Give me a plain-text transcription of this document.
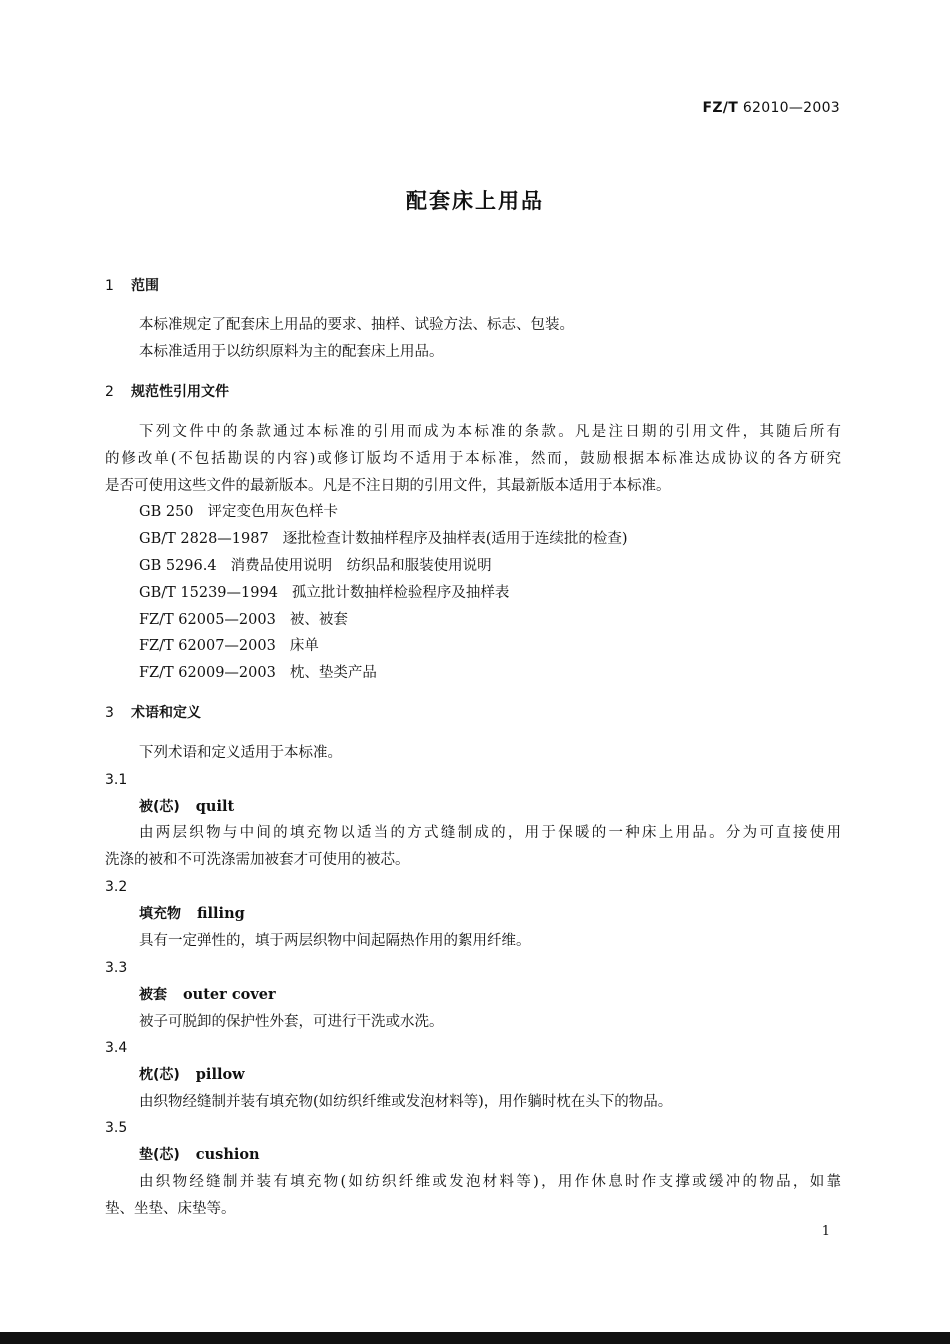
FZ/T 62010—2003
配套床上用品
1 范围
本标准规定了配套床上用品的要求、抽样、试验方法、标志、包装。
本标准适用于以纺织原料为主的配套床上用品。
2 规范性引用文件
下列文件中的条款通过本标准的引用而成为本标准的条款。凡是注日期的引用文件，其随后所有
的修改单(不包括勘误的内容)或修订版均不适用于本标准，然而，鼓励根据本标准达成协议的各方研究
是否可使用这些文件的最新版本。凡是不注日期的引用文件，其最新版本适用于本标准。
GB 250 评定变色用灰色样卡
GB/T 2828—1987 逐批检查计数抽样程序及抽样表(适用于连续批的检查)
GB 5296.4 消费品使用说明　纺织品和服装使用说明
GB/T 15239—1994 孤立批计数抽样检验程序及抽样表
FZ/T 62005—2003 被、被套
FZ/T 62007—2003 床单
FZ/T 62009—2003 枕、垫类产品
3 术语和定义
下列术语和定义适用于本标准。
3.1
被(芯) quilt
由两层织物与中间的填充物以适当的方式缝制成的，用于保暖的一种床上用品。分为可直接使用
洗涤的被和不可洗涤需加被套才可使用的被芯。
3.2
填充物 filling
具有一定弹性的，填于两层织物中间起隔热作用的絮用纤维。
3.3
被套 outer cover
被子可脱卸的保护性外套，可进行干洗或水洗。
3.4
枕(芯) pillow
由织物经缝制并装有填充物(如纺织纤维或发泡材料等)，用作躺时枕在头下的物品。
3.5
垫(芯) cushion
由织物经缝制并装有填充物(如纺织纤维或发泡材料等)，用作休息时作支撑或缓冲的物品，如靠
垫、坐垫、床垫等。
1
